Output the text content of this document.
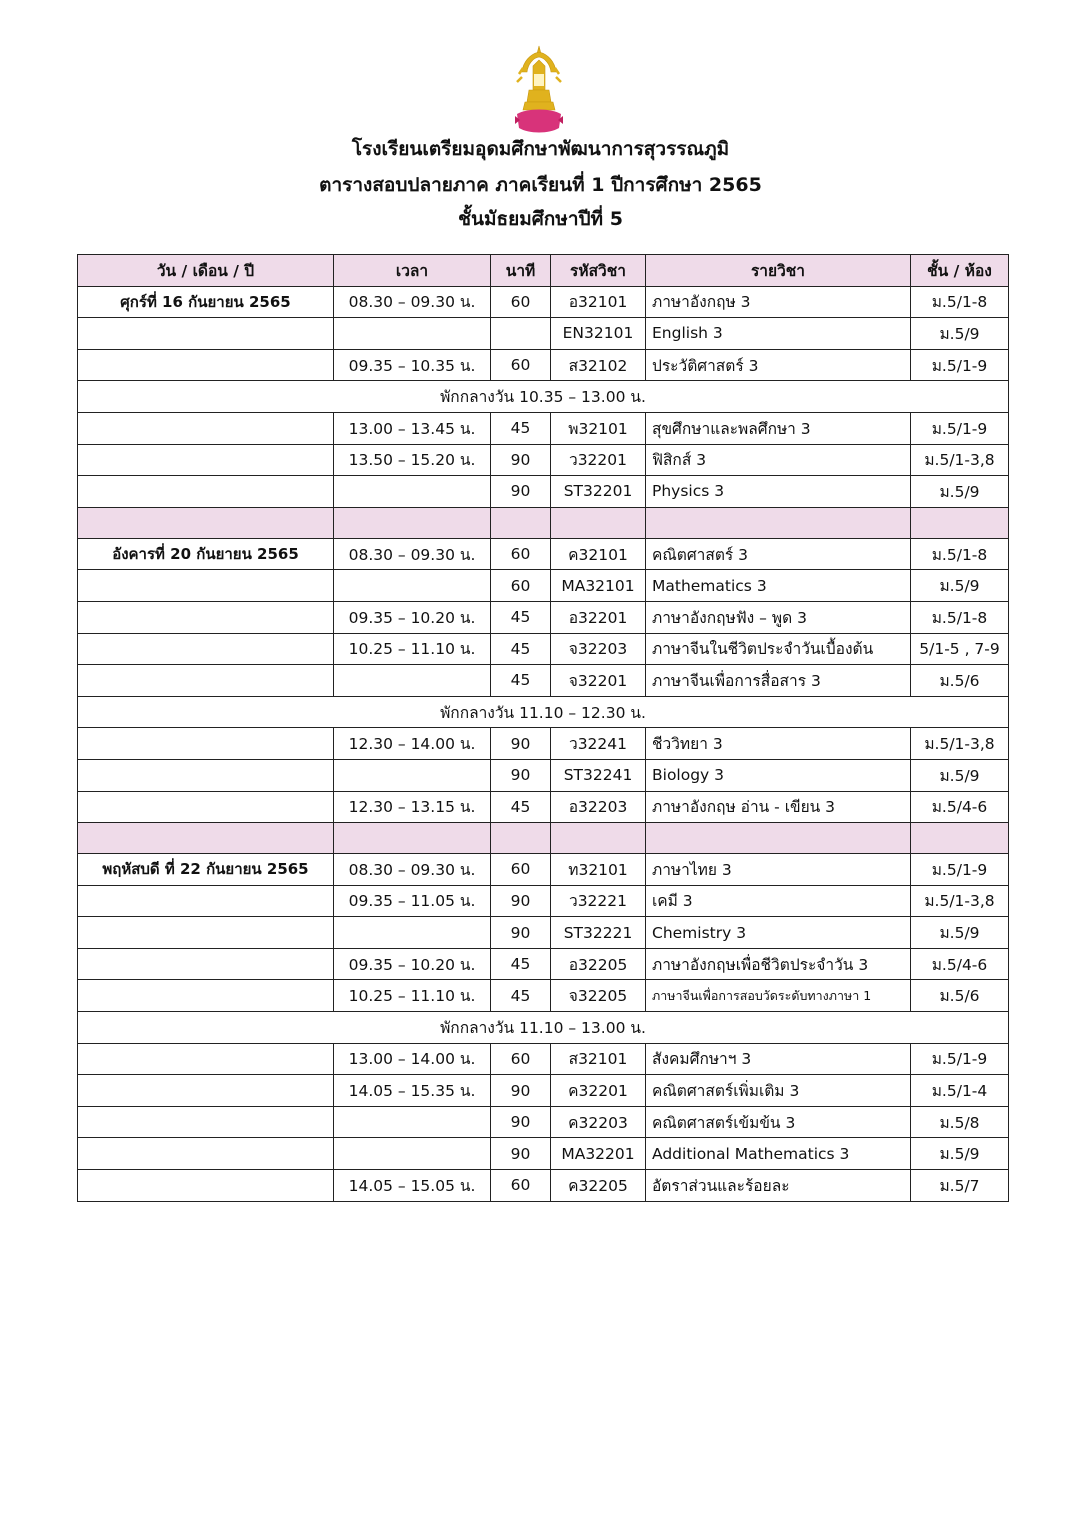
โรงเรียนเตรียมอุดมศึกษาพัฒนาการสุวรรณภูมิ
ตารางสอบปลายภาค ภาคเรียนที่ 1 ปีการศึกษา 2565
ชั้นมัธยมศึกษาปีที่ 5
วัน / เดือน / ปี	เวลา	นาที	รหัสวิชา	รายวิชา	ชั้น / ห้อง
ศุกร์ที่ 16 กันยายน 2565	08.30 – 09.30 น.	60	อ32101	ภาษาอังกฤษ 3	ม.5/1-8
			EN32101	English 3	ม.5/9
	09.35 – 10.35 น.	60	ส32102	ประวัติศาสตร์ 3	ม.5/1-9
พักกลางวัน 10.35 – 13.00 น.					
	13.00 – 13.45 น.	45	พ32101	สุขศึกษาและพลศึกษา 3	ม.5/1-9
	13.50 – 15.20 น.	90	ว32201	ฟิสิกส์ 3	ม.5/1-3,8
		90	ST32201	Physics 3	ม.5/9

อังคารที่ 20 กันยายน 2565	08.30 – 09.30 น.	60	ค32101	คณิตศาสตร์ 3	ม.5/1-8
		60	MA32101	Mathematics 3	ม.5/9
	09.35 – 10.20 น.	45	อ32201	ภาษาอังกฤษฟัง – พูด 3	ม.5/1-8
	10.25 – 11.10 น.	45	จ32203	ภาษาจีนในชีวิตประจำวันเบื้องต้น	5/1-5 , 7-9
		45	จ32201	ภาษาจีนเพื่อการสื่อสาร 3	ม.5/6
พักกลางวัน 11.10 – 12.30 น.					
	12.30 – 14.00 น.	90	ว32241	ชีววิทยา 3	ม.5/1-3,8
		90	ST32241	Biology 3	ม.5/9
	12.30 – 13.15 น.	45	อ32203	ภาษาอังกฤษ อ่าน - เขียน 3	ม.5/4-6

พฤหัสบดี ที่ 22 กันยายน 2565	08.30 – 09.30 น.	60	ท32101	ภาษาไทย 3	ม.5/1-9
	09.35 – 11.05 น.	90	ว32221	เคมี 3	ม.5/1-3,8
		90	ST32221	Chemistry 3	ม.5/9
	09.35 – 10.20 น.	45	อ32205	ภาษาอังกฤษเพื่อชีวิตประจำวัน 3	ม.5/4-6
	10.25 – 11.10 น.	45	จ32205	ภาษาจีนเพื่อการสอบวัดระดับทางภาษา 1	ม.5/6
พักกลางวัน 11.10 – 13.00 น.					
	13.00 – 14.00 น.	60	ส32101	สังคมศึกษาฯ 3	ม.5/1-9
	14.05 – 15.35 น.	90	ค32201	คณิตศาสตร์เพิ่มเติม 3	ม.5/1-4
		90	ค32203	คณิตศาสตร์เข้มข้น 3	ม.5/8
		90	MA32201	Additional Mathematics 3	ม.5/9
	14.05 – 15.05 น.	60	ค32205	อัตราส่วนและร้อยละ	ม.5/7
